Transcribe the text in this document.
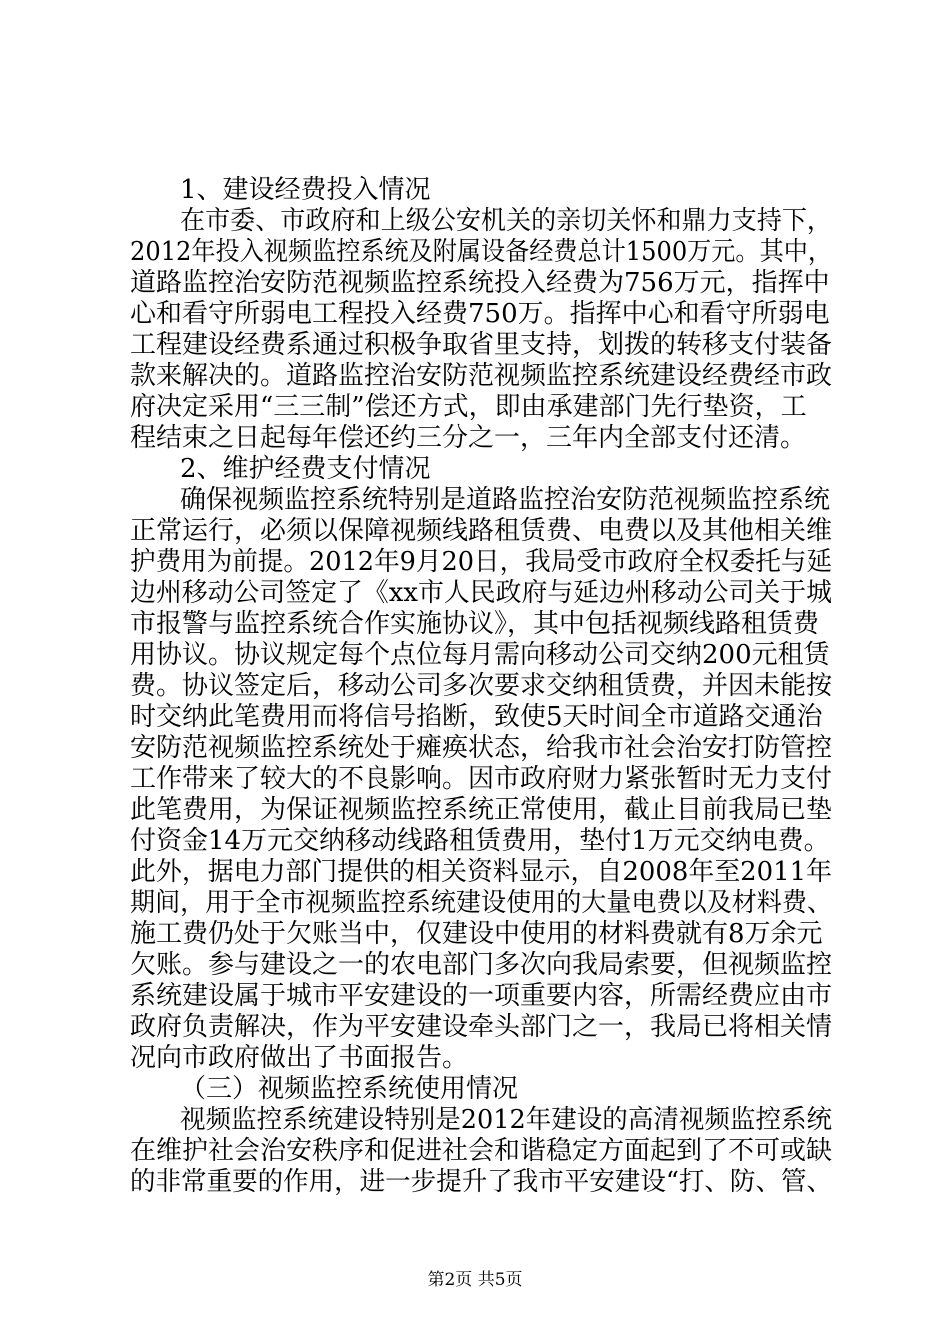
1、建设经费投入情况
在市委、市政府和上级公安机关的亲切关怀和鼎力支持下，
2012年投入视频监控系统及附属设备经费总计1500万元。其中，
道路监控治安防范视频监控系统投入经费为756万元，指挥中
心和看守所弱电工程投入经费750万。指挥中心和看守所弱电
工程建设经费系通过积极争取省里支持，划拨的转移支付装备
款来解决的。道路监控治安防范视频监控系统建设经费经市政
府决定采用“三三制”偿还方式，即由承建部门先行垫资，工
程结束之日起每年偿还约三分之一，三年内全部支付还清。
2、维护经费支付情况
确保视频监控系统特别是道路监控治安防范视频监控系统
正常运行，必须以保障视频线路租赁费、电费以及其他相关维
护费用为前提。2012年9月20日，我局受市政府全权委托与延
边州移动公司签定了《xx市人民政府与延边州移动公司关于城
市报警与监控系统合作实施协议》，其中包括视频线路租赁费
用协议。协议规定每个点位每月需向移动公司交纳200元租赁
费。协议签定后，移动公司多次要求交纳租赁费，并因未能按
时交纳此笔费用而将信号掐断，致使5天时间全市道路交通治
安防范视频监控系统处于瘫痪状态，给我市社会治安打防管控
工作带来了较大的不良影响。因市政府财力紧张暂时无力支付
此笔费用，为保证视频监控系统正常使用，截止目前我局已垫
付资金14万元交纳移动线路租赁费用，垫付1万元交纳电费。
此外，据电力部门提供的相关资料显示，自2008年至2011年
期间，用于全市视频监控系统建设使用的大量电费以及材料费、
施工费仍处于欠账当中，仅建设中使用的材料费就有8万余元
欠账。参与建设之一的农电部门多次向我局索要，但视频监控
系统建设属于城市平安建设的一项重要内容，所需经费应由市
政府负责解决，作为平安建设牵头部门之一，我局已将相关情
况向市政府做出了书面报告。
（三）视频监控系统使用情况
视频监控系统建设特别是2012年建设的高清视频监控系统
在维护社会治安秩序和促进社会和谐稳定方面起到了不可或缺
的非常重要的作用，进一步提升了我市平安建设“打、防、管、
第2页 共5页
